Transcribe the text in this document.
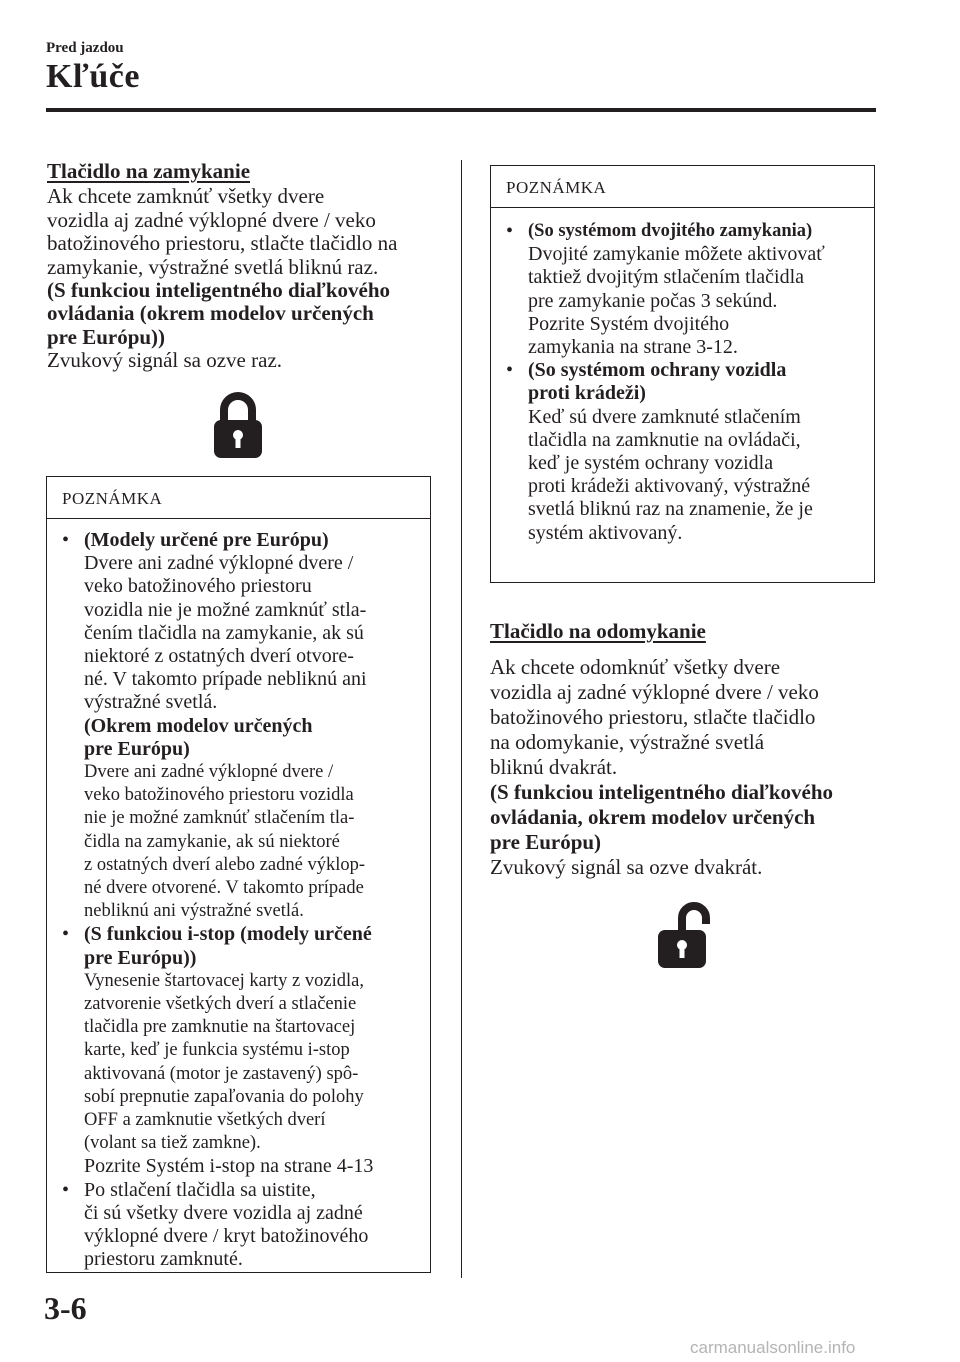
Pred jazdou
Kľúče

Tlačidlo na zamykanie

Ak chcete zamknúť všetky dvere

vozidla aj zadné výklopné dvere / veko

batožinového priestoru, stlačte tlačidlo na

zamykanie, výstražné svetlá bliknú raz.

(S funkciou inteligentného diaľkového

ovládania (okrem modelov určených

pre Európu))

Zvukový signál sa ozve raz.

POZNÁMKA
• (Modely určené pre Európu)

Dvere ani zadné výklopné dvere /

veko batožinového priestoru

vozidla nie je možné zamknúť stla-

čením tlačidla na zamykanie, ak sú

niektoré z ostatných dverí otvore-

né. V takomto prípade nebliknú ani

výstražné svetlá.

(Okrem modelov určených

pre Európu)

Dvere ani zadné výklopné dvere /

veko batožinového priestoru vozidla

nie je možné zamknúť stlačením tla-

čidla na zamykanie, ak sú niektoré

z ostatných dverí alebo zadné výklop-

né dvere otvorené. V takomto prípade

nebliknú ani výstražné svetlá.

• (S funkciou i-stop (modely určené

pre Európu))

Vynesenie štartovacej karty z vozidla,

zatvorenie všetkých dverí a stlačenie

tlačidla pre zamknutie na štartovacej

karte, keď je funkcia systému i-stop

aktivovaná (motor je zastavený) spô-

sobí prepnutie zapaľovania do polohy

OFF a zamknutie všetkých dverí

(volant sa tiež zamkne).

Pozrite Systém i-stop na strane 4-13

• Po stlačení tlačidla sa uistite,

či sú všetky dvere vozidla aj zadné

výklopné dvere / kryt batožinového

priestoru zamknuté.

POZNÁMKA
• (So systémom dvojitého zamykania)

Dvojité zamykanie môžete aktivovať

taktiež dvojitým stlačením tlačidla

pre zamykanie počas 3 sekúnd.

Pozrite Systém dvojitého

zamykania na strane 3-12.

• (So systémom ochrany vozidla

proti krádeži)

Keď sú dvere zamknuté stlačením

tlačidla na zamknutie na ovládači,

keď je systém ochrany vozidla

proti krádeži aktivovaný, výstražné

svetlá bliknú raz na znamenie, že je

systém aktivovaný.

Tlačidlo na odomykanie

Ak chcete odomknúť všetky dvere

vozidla aj zadné výklopné dvere / veko

batožinového priestoru, stlačte tlačidlo

na odomykanie, výstražné svetlá

bliknú dvakrát.

(S funkciou inteligentného diaľkového

ovládania, okrem modelov určených

pre Európu)

Zvukový signál sa ozve dvakrát.

3-6
carmanualsonline.info
